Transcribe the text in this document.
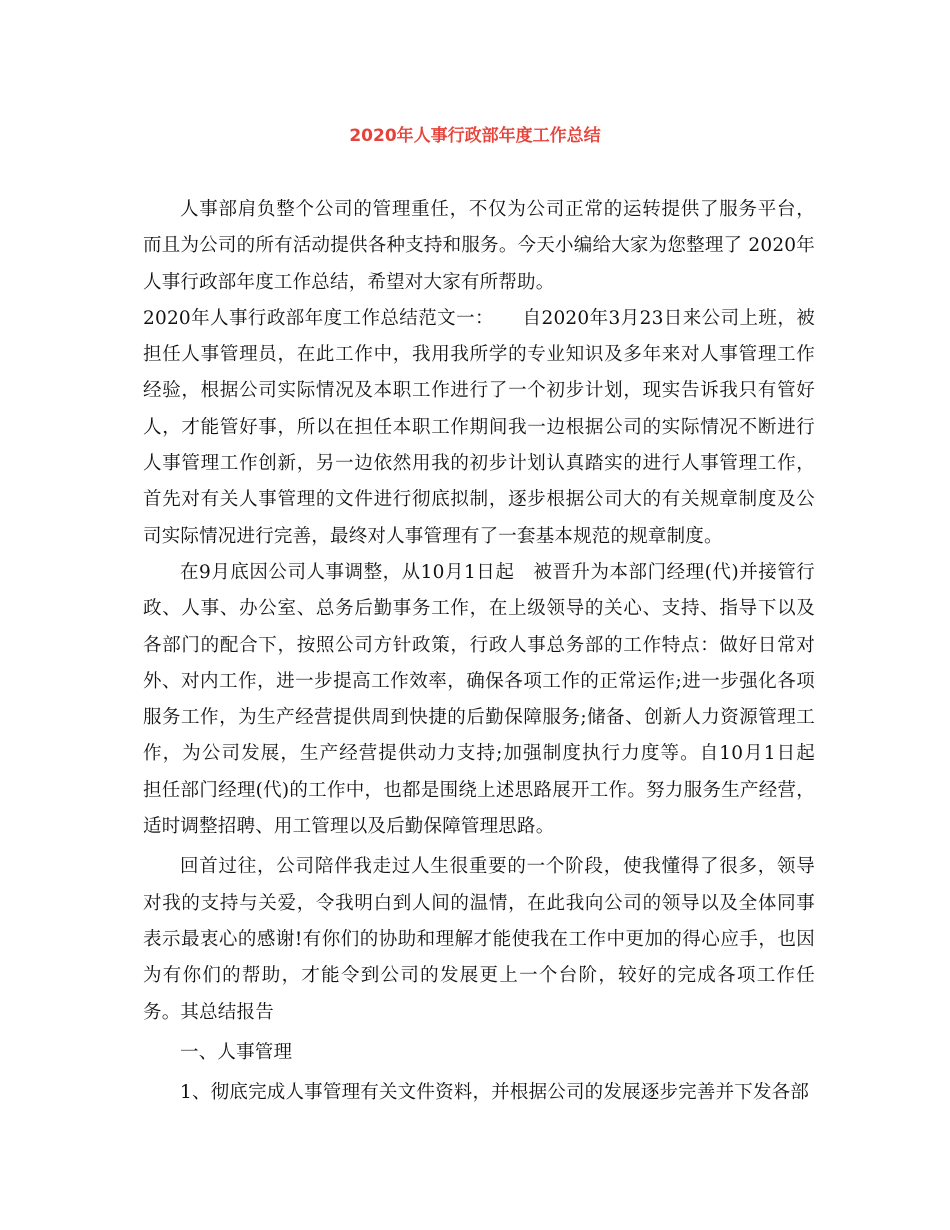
2020年人事行政部年度工作总结

人事部肩负整个公司的管理重任，不仅为公司正常的运转提供了服务平台，而且为公司的所有活动提供各种支持和服务。今天小编给大家为您整理了 2020年人事行政部年度工作总结，希望对大家有所帮助。

2020年人事行政部年度工作总结范文一：　　自2020年3月23日来公司上班，被担任人事管理员，在此工作中，我用我所学的专业知识及多年来对人事管理工作经验，根据公司实际情况及本职工作进行了一个初步计划，现实告诉我只有管好人，才能管好事，所以在担任本职工作期间我一边根据公司的实际情况不断进行人事管理工作创新，另一边依然用我的初步计划认真踏实的进行人事管理工作，首先对有关人事管理的文件进行彻底拟制，逐步根据公司大的有关规章制度及公司实际情况进行完善，最终对人事管理有了一套基本规范的规章制度。

在9月底因公司人事调整，从10月1日起　被晋升为本部门经理(代)并接管行政、人事、办公室、总务后勤事务工作，在上级领导的关心、支持、指导下以及各部门的配合下，按照公司方针政策，行政人事总务部的工作特点：做好日常对外、对内工作，进一步提高工作效率，确保各项工作的正常运作;进一步强化各项服务工作，为生产经营提供周到快捷的后勤保障服务;储备、创新人力资源管理工作，为公司发展，生产经营提供动力支持;加强制度执行力度等。自10月1日起　担任部门经理(代)的工作中，也都是围绕上述思路展开工作。努力服务生产经营，适时调整招聘、用工管理以及后勤保障管理思路。

回首过往，公司陪伴我走过人生很重要的一个阶段，使我懂得了很多，领导对我的支持与关爱，令我明白到人间的温情，在此我向公司的领导以及全体同事表示最衷心的感谢!有你们的协助和理解才能使我在工作中更加的得心应手，也因为有你们的帮助，才能令到公司的发展更上一个台阶，较好的完成各项工作任务。其总结报告

一、人事管理

1、彻底完成人事管理有关文件资料，并根据公司的发展逐步完善并下发各部
